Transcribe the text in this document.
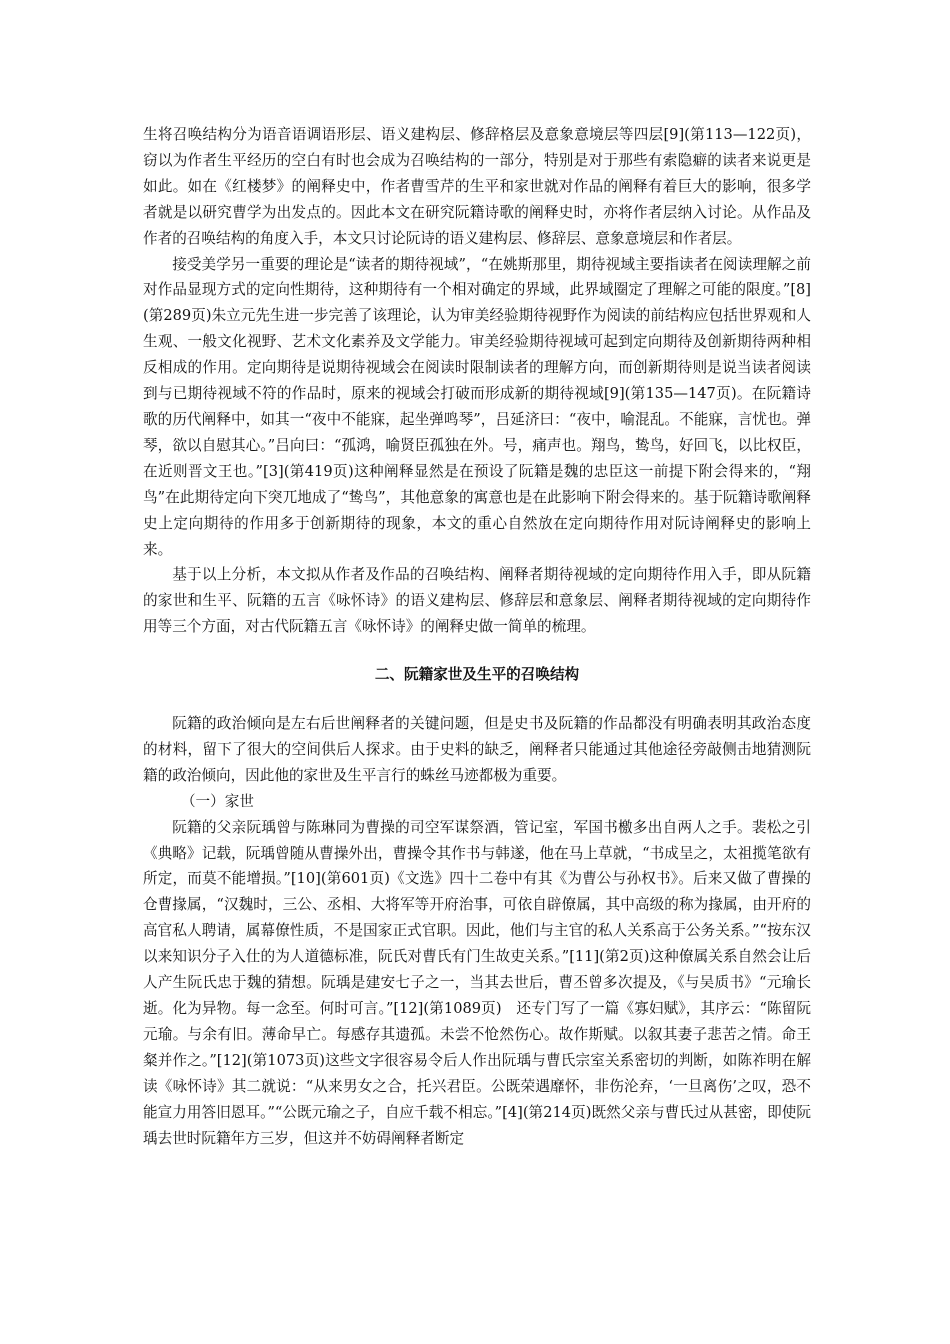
生将召唤结构分为语音语调语形层、语义建构层、修辞格层及意象意境层等四层[9](第113—122页)，窃以为作者生平经历的空白有时也会成为召唤结构的一部分，特别是对于那些有索隐癖的读者来说更是如此。如在《红楼梦》的阐释史中，作者曹雪芹的生平和家世就对作品的阐释有着巨大的影响，很多学者就是以研究曹学为出发点的。因此本文在研究阮籍诗歌的阐释史时，亦将作者层纳入讨论。从作品及作者的召唤结构的角度入手，本文只讨论阮诗的语义建构层、修辞层、意象意境层和作者层。

接受美学另一重要的理论是“读者的期待视域”，“在姚斯那里，期待视域主要指读者在阅读理解之前对作品显现方式的定向性期待，这种期待有一个相对确定的界域，此界域圈定了理解之可能的限度。”[8](第289页)朱立元先生进一步完善了该理论，认为审美经验期待视野作为阅读的前结构应包括世界观和人生观、一般文化视野、艺术文化素养及文学能力。审美经验期待视域可起到定向期待及创新期待两种相反相成的作用。定向期待是说期待视域会在阅读时限制读者的理解方向，而创新期待则是说当读者阅读到与已期待视域不符的作品时，原来的视域会打破而形成新的期待视域[9](第135—147页)。在阮籍诗歌的历代阐释中，如其一“夜中不能寐，起坐弹鸣琴”，吕延济曰：“夜中，喻混乱。不能寐，言忧也。弹琴，欲以自慰其心。”吕向曰：“孤鸿，喻贤臣孤独在外。号，痛声也。翔鸟，鸷鸟，好回飞，以比权臣，在近则晋文王也。”[3](第419页)这种阐释显然是在预设了阮籍是魏的忠臣这一前提下附会得来的，“翔鸟”在此期待定向下突兀地成了“鸷鸟”，其他意象的寓意也是在此影响下附会得来的。基于阮籍诗歌阐释史上定向期待的作用多于创新期待的现象，本文的重心自然放在定向期待作用对阮诗阐释史的影响上来。

基于以上分析，本文拟从作者及作品的召唤结构、阐释者期待视域的定向期待作用入手，即从阮籍的家世和生平、阮籍的五言《咏怀诗》的语义建构层、修辞层和意象层、阐释者期待视域的定向期待作用等三个方面，对古代阮籍五言《咏怀诗》的阐释史做一简单的梳理。

二、阮籍家世及生平的召唤结构

阮籍的政治倾向是左右后世阐释者的关键问题，但是史书及阮籍的作品都没有明确表明其政治态度的材料，留下了很大的空间供后人探求。由于史料的缺乏，阐释者只能通过其他途径旁敲侧击地猜测阮籍的政治倾向，因此他的家世及生平言行的蛛丝马迹都极为重要。

（一）家世

阮籍的父亲阮瑀曾与陈琳同为曹操的司空军谋祭酒，管记室，军国书檄多出自两人之手。裴松之引《典略》记载，阮瑀曾随从曹操外出，曹操令其作书与韩遂，他在马上草就，“书成呈之，太祖揽笔欲有所定，而莫不能增损。”[10](第601页)《文选》四十二卷中有其《为曹公与孙权书》。后来又做了曹操的仓曹掾属，“汉魏时，三公、丞相、大将军等开府治事，可依自辟僚属，其中高级的称为掾属，由开府的高官私人聘请，属幕僚性质，不是国家正式官职。因此，他们与主官的私人关系高于公务关系。”“按东汉以来知识分子入仕的为人道德标准，阮氏对曹氏有门生故吏关系。”[11](第2页)这种僚属关系自然会让后人产生阮氏忠于魏的猜想。阮瑀是建安七子之一，当其去世后，曹丕曾多次提及，《与吴质书》“元瑜长逝。化为异物。每一念至。何时可言。”[12](第1089页)　还专门写了一篇《寡妇赋》，其序云：“陈留阮元瑜。与余有旧。薄命早亡。每感存其遗孤。未尝不怆然伤心。故作斯赋。以叙其妻子悲苦之情。命王粲并作之。”[12](第1073页)这些文字很容易令后人作出阮瑀与曹氏宗室关系密切的判断，如陈祚明在解读《咏怀诗》其二就说：“从来男女之合，托兴君臣。公既荣遇靡怀，非伤沦弃，‘一旦离伤’之叹，恐不能宣力用答旧恩耳。”“公既元瑜之子，自应千载不相忘。”[4](第214页)既然父亲与曹氏过从甚密，即使阮瑀去世时阮籍年方三岁，但这并不妨碍阐释者断定
